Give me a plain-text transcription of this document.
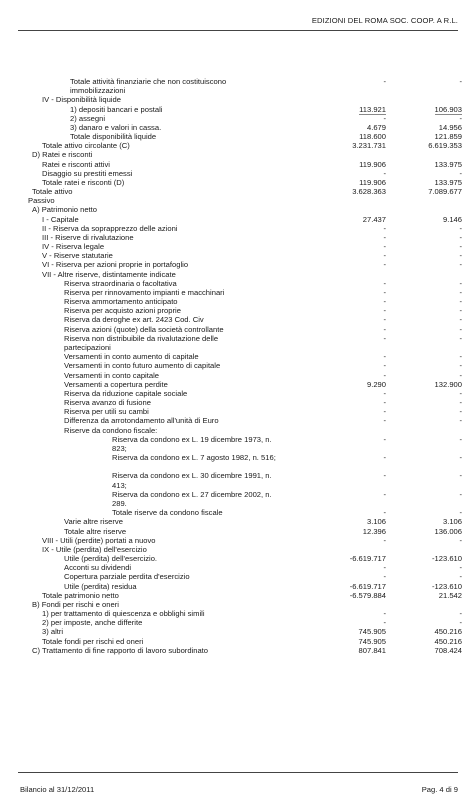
EDIZIONI DEL ROMA SOC. COOP. A R.L.
Totale attività finanziarie che non costituiscono immobilizzazioni
-	-
IV - Disponibilità liquide
1) depositi bancari e postali	113.921	106.903
2) assegni	-	-
3) danaro e valori in cassa.	4.679	14.956
Totale disponibilità liquide	118.600	121.859
Totale attivo circolante (C)	3.231.731	6.619.353
D) Ratei e risconti
Ratei e risconti attivi	119.906	133.975
Disaggio su prestiti emessi	-	-
Totale ratei e risconti (D)	119.906	133.975
Totale attivo	3.628.363	7.089.677
Passivo
A) Patrimonio netto
I - Capitale	27.437	9.146
II - Riserva da soprapprezzo delle azioni	-	-
III - Riserve di rivalutazione	-	-
IV - Riserva legale	-	-
V - Riserve statutarie	-	-
VI - Riserva per azioni proprie in portafoglio	-	-
VII - Altre riserve, distintamente indicate
Riserva straordinaria o facoltativa	-	-
Riserva per rinnovamento impianti e macchinari	-	-
Riserva ammortamento anticipato	-	-
Riserva per acquisto azioni proprie	-	-
Riserva da deroghe ex art. 2423 Cod. Civ	-	-
Riserva azioni (quote) della società controllante	-	-
Riserva non distribuibile da rivalutazione delle partecipazioni
-	-
Versamenti in conto aumento di capitale	-	-
Versamenti in conto futuro aumento di capitale	-	-
Versamenti in conto capitale	-	-
Versamenti a copertura perdite	9.290	132.900
Riserva da riduzione capitale sociale	-	-
Riserva avanzo di fusione	-	-
Riserva per utili su cambi	-	-
Differenza da arrotondamento all'unità di Euro	-	-
Riserve da condono fiscale:
Riserva da condono ex L. 19 dicembre 1973, n. 823;
-	-
Riserva da condono ex L. 7 agosto 1982, n. 516;	-	-
Riserva da condono ex L. 30 dicembre 1991, n. 413;
-	-
Riserva da condono ex L. 27 dicembre 2002, n. 289.
-	-
Totale riserve da condono fiscale	-	-
Varie altre riserve	3.106	3.106
Totale altre riserve	12.396	136.006
VIII - Utili (perdite) portati a nuovo	-	-
IX - Utile (perdita) dell'esercizio
Utile (perdita) dell'esercizio.	-6.619.717	-123.610
Acconti su dividendi	-	-
Copertura parziale perdita d'esercizio	-	-
Utile (perdita) residua	-6.619.717	-123.610
Totale patrimonio netto	-6.579.884	21.542
B) Fondi per rischi e oneri
1) per trattamento di quiescenza e obblighi simili	-	-
2) per imposte, anche differite	-	-
3) altri	745.905	450.216
Totale fondi per rischi ed oneri	745.905	450.216
C) Trattamento di fine rapporto di lavoro subordinato	807.841	708.424
Bilancio al 31/12/2011	Pag. 4 di 9
